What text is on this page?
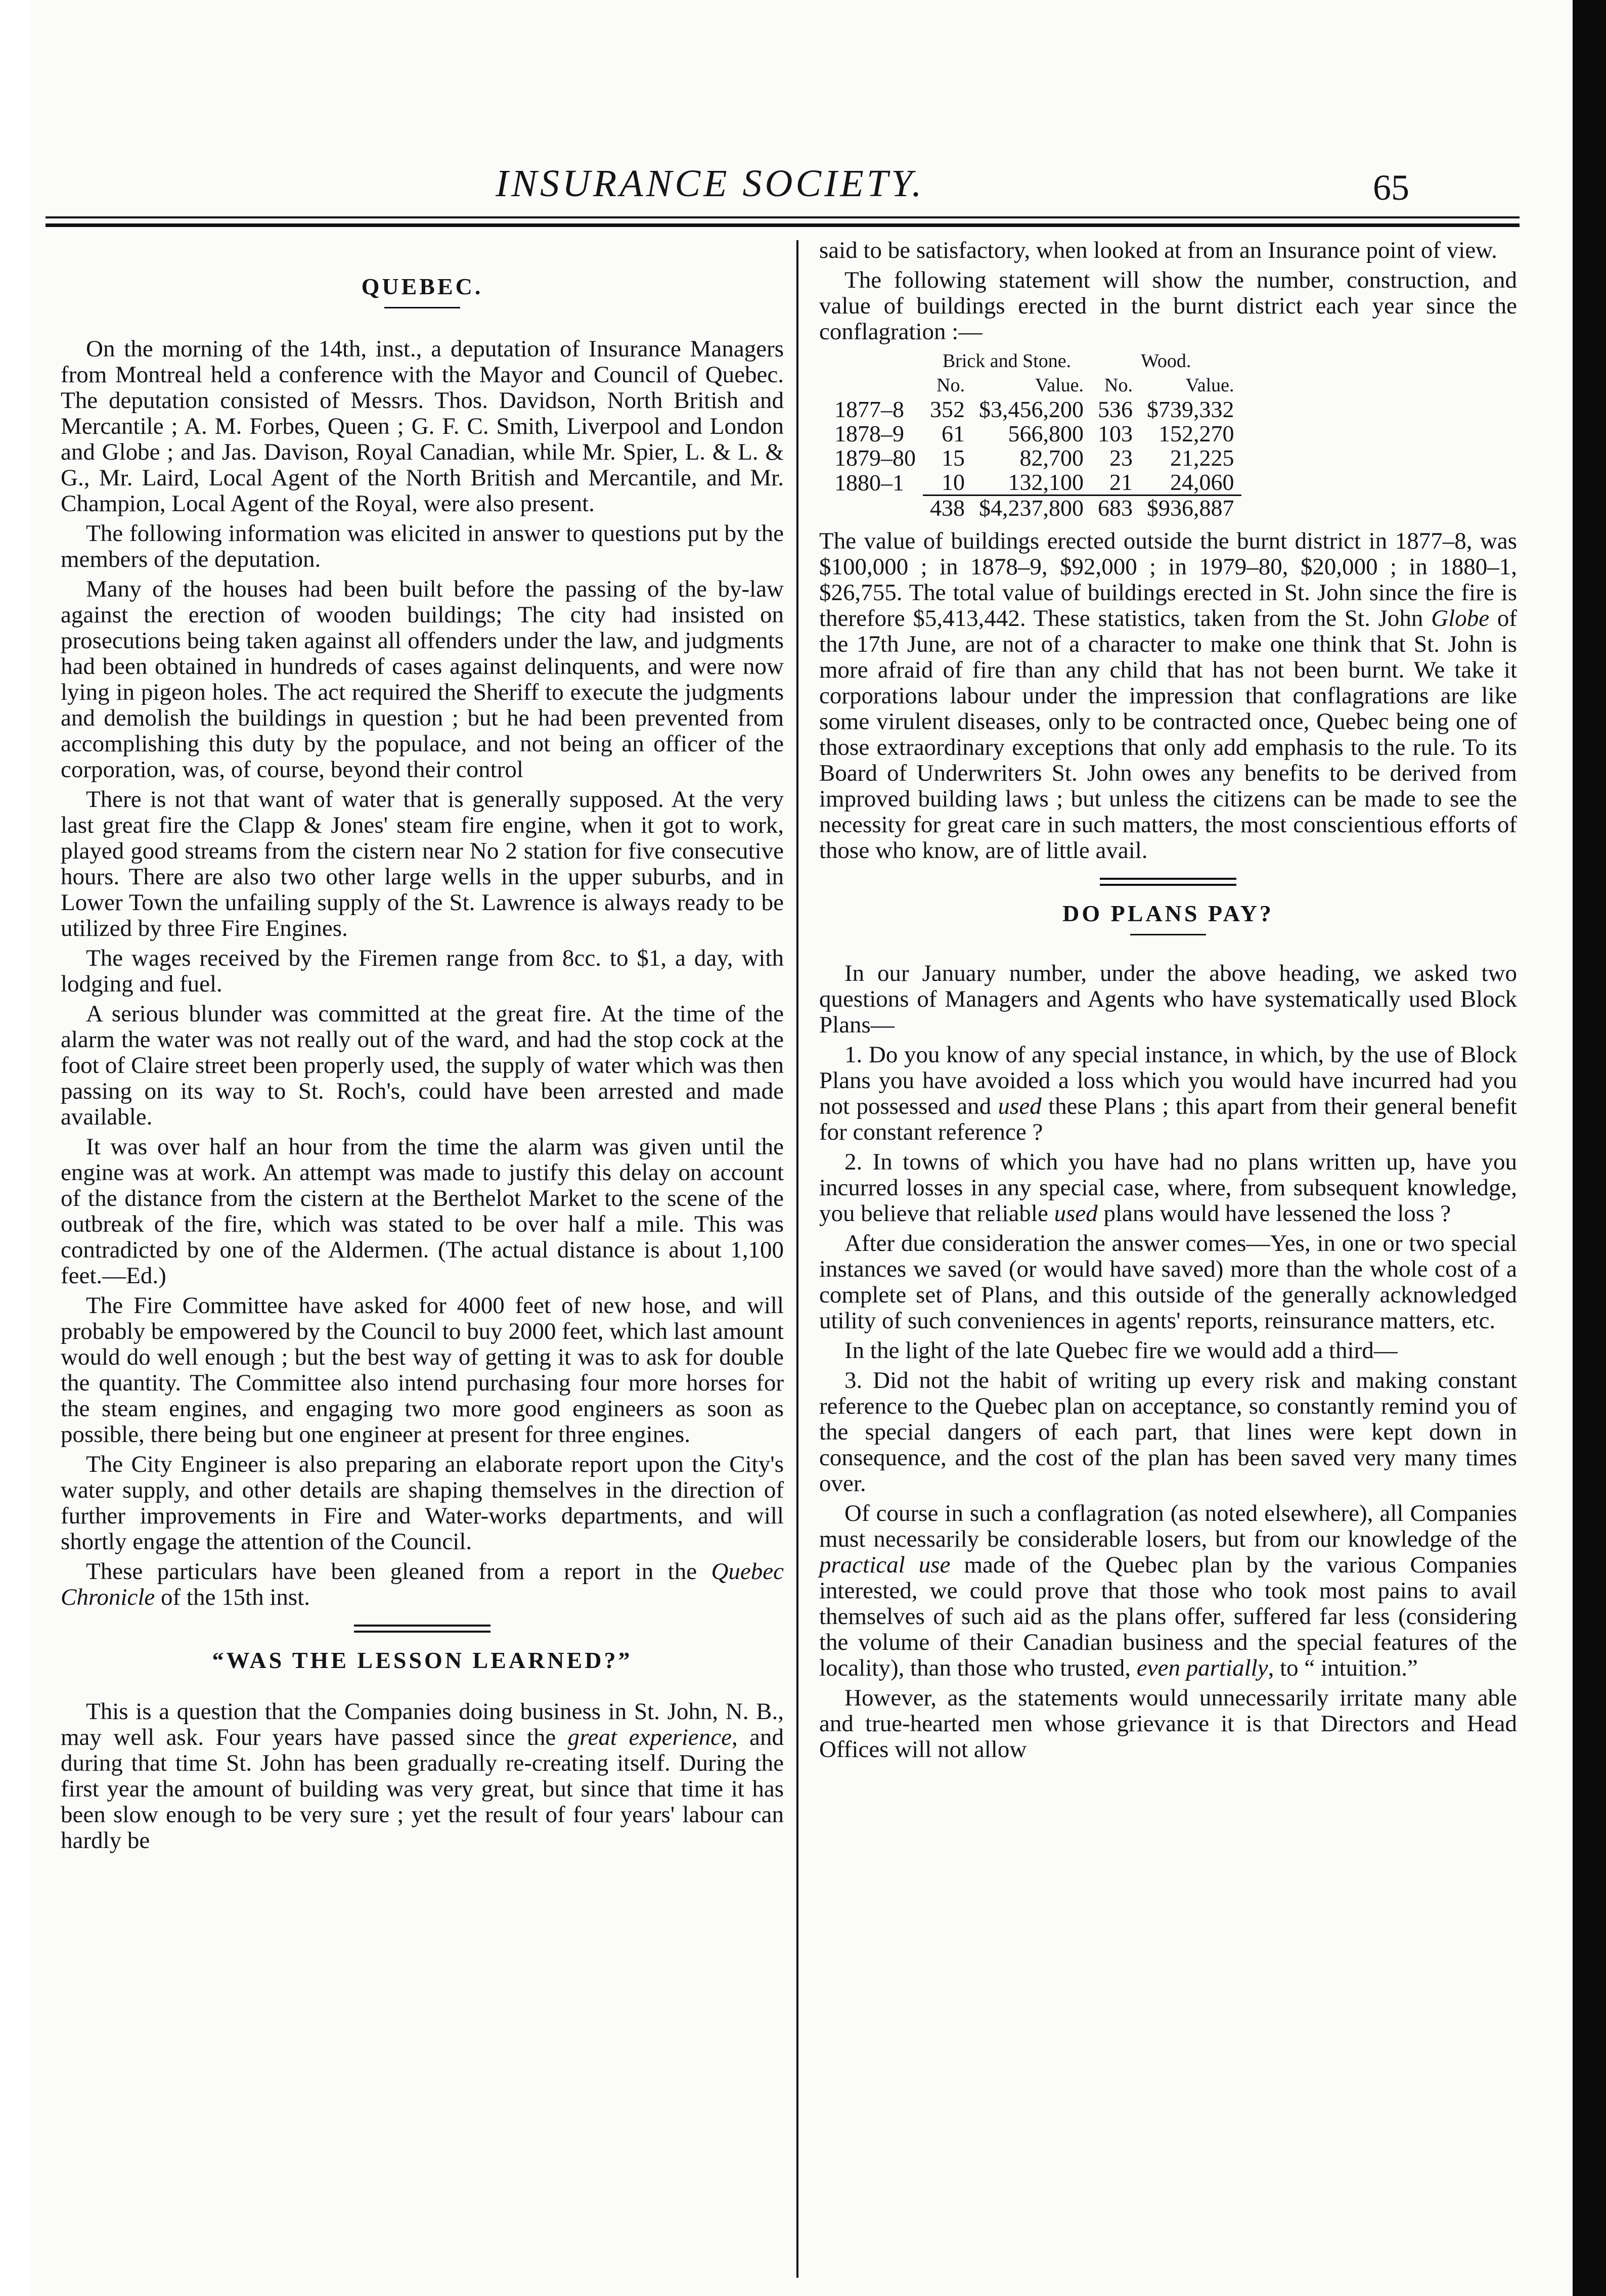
INSURANCE SOCIETY.	65
QUEBEC.

On the morning of the 14th, inst., a deputation of Insurance Managers from Montreal held a conference with the Mayor and Council of Quebec. The deputation consisted of Messrs. Thos. Davidson, North British and Mercantile ; A. M. Forbes, Queen ; G. F. C. Smith, Liverpool and London and Globe ; and Jas. Davison, Royal Canadian, while Mr. Spier, L. & L. & G., Mr. Laird, Local Agent of the North British and Mercantile, and Mr. Champion, Local Agent of the Royal, were also present.

The following information was elicited in answer to questions put by the members of the deputation.

Many of the houses had been built before the passing of the by-law against the erection of wooden buildings; The city had insisted on prosecutions being taken against all offenders under the law, and judgments had been obtained in hundreds of cases against delinquents, and were now lying in pigeon holes. The act required the Sheriff to execute the judgments and demolish the buildings in question ; but he had been prevented from accomplishing this duty by the populace, and not being an officer of the corporation, was, of course, beyond their control

There is not that want of water that is generally supposed. At the very last great fire the Clapp & Jones' steam fire engine, when it got to work, played good streams from the cistern near No 2 station for five consecutive hours. There are also two other large wells in the upper suburbs, and in Lower Town the unfailing supply of the St. Lawrence is always ready to be utilized by three Fire Engines.

The wages received by the Firemen range from 8cc. to $1, a day, with lodging and fuel.

A serious blunder was committed at the great fire. At the time of the alarm the water was not really out of the ward, and had the stop cock at the foot of Claire street been properly used, the supply of water which was then passing on its way to St. Roch's, could have been arrested and made available.

It was over half an hour from the time the alarm was given until the engine was at work. An attempt was made to justify this delay on account of the distance from the cistern at the Berthelot Market to the scene of the outbreak of the fire, which was stated to be over half a mile. This was contradicted by one of the Aldermen. (The actual distance is about 1,100 feet.—Ed.)

The Fire Committee have asked for 4000 feet of new hose, and will probably be empowered by the Council to buy 2000 feet, which last amount would do well enough ; but the best way of getting it was to ask for double the quantity. The Committee also intend purchasing four more horses for the steam engines, and engaging two more good engineers as soon as possible, there being but one engineer at present for three engines.

The City Engineer is also preparing an elaborate report upon the City's water supply, and other details are shaping themselves in the direction of further improvements in Fire and Water-works departments, and will shortly engage the attention of the Council.

These particulars have been gleaned from a report in the Quebec Chronicle of the 15th inst.

“WAS THE LESSON LEARNED?”

This is a question that the Companies doing business in St. John, N. B., may well ask. Four years have passed since the great experience, and during that time St. John has been gradually re-creating itself. During the first year the amount of building was very great, but since that time it has been slow enough to be very sure ; yet the result of four years' labour can hardly be

said to be satisfactory, when looked at from an Insurance point of view.

The following statement will show the number, construction, and value of buildings erected in the burnt district each year since the conflagration :—

	Brick and Stone.		Wood.	
	No.	Value.	No.	Value.
1877–8	352	$3,456,200	536	$739,332
1878–9	61	566,800	103	152,270
1879–80	15	82,700	23	21,225
1880–1	10	132,100	21	24,060
	438	$4,237,800	683	$936,887

The value of buildings erected outside the burnt district in 1877–8, was $100,000 ; in 1878–9, $92,000 ; in 1979–80, $20,000 ; in 1880–1, $26,755. The total value of buildings erected in St. John since the fire is therefore $5,413,442. These statistics, taken from the St. John Globe of the 17th June, are not of a character to make one think that St. John is more afraid of fire than any child that has not been burnt. We take it corporations labour under the impression that conflagrations are like some virulent diseases, only to be contracted once, Quebec being one of those extraordinary exceptions that only add emphasis to the rule. To its Board of Underwriters St. John owes any benefits to be derived from improved building laws ; but unless the citizens can be made to see the necessity for great care in such matters, the most conscientious efforts of those who know, are of little avail.

DO PLANS PAY?

In our January number, under the above heading, we asked two questions of Managers and Agents who have systematically used Block Plans—

1. Do you know of any special instance, in which, by the use of Block Plans you have avoided a loss which you would have incurred had you not possessed and used these Plans ; this apart from their general benefit for constant reference ?

2. In towns of which you have had no plans written up, have you incurred losses in any special case, where, from subsequent knowledge, you believe that reliable used plans would have lessened the loss ?

After due consideration the answer comes—Yes, in one or two special instances we saved (or would have saved) more than the whole cost of a complete set of Plans, and this outside of the generally acknowledged utility of such conveniences in agents' reports, reinsurance matters, etc.

In the light of the late Quebec fire we would add a third—

3. Did not the habit of writing up every risk and making constant reference to the Quebec plan on acceptance, so constantly remind you of the special dangers of each part, that lines were kept down in consequence, and the cost of the plan has been saved very many times over.

Of course in such a conflagration (as noted elsewhere), all Companies must necessarily be considerable losers, but from our knowledge of the practical use made of the Quebec plan by the various Companies interested, we could prove that those who took most pains to avail themselves of such aid as the plans offer, suffered far less (considering the volume of their Canadian business and the special features of the locality), than those who trusted, even partially, to “ intuition.”

However, as the statements would unnecessarily irritate many able and true-hearted men whose grievance it is that Directors and Head Offices will not allow
